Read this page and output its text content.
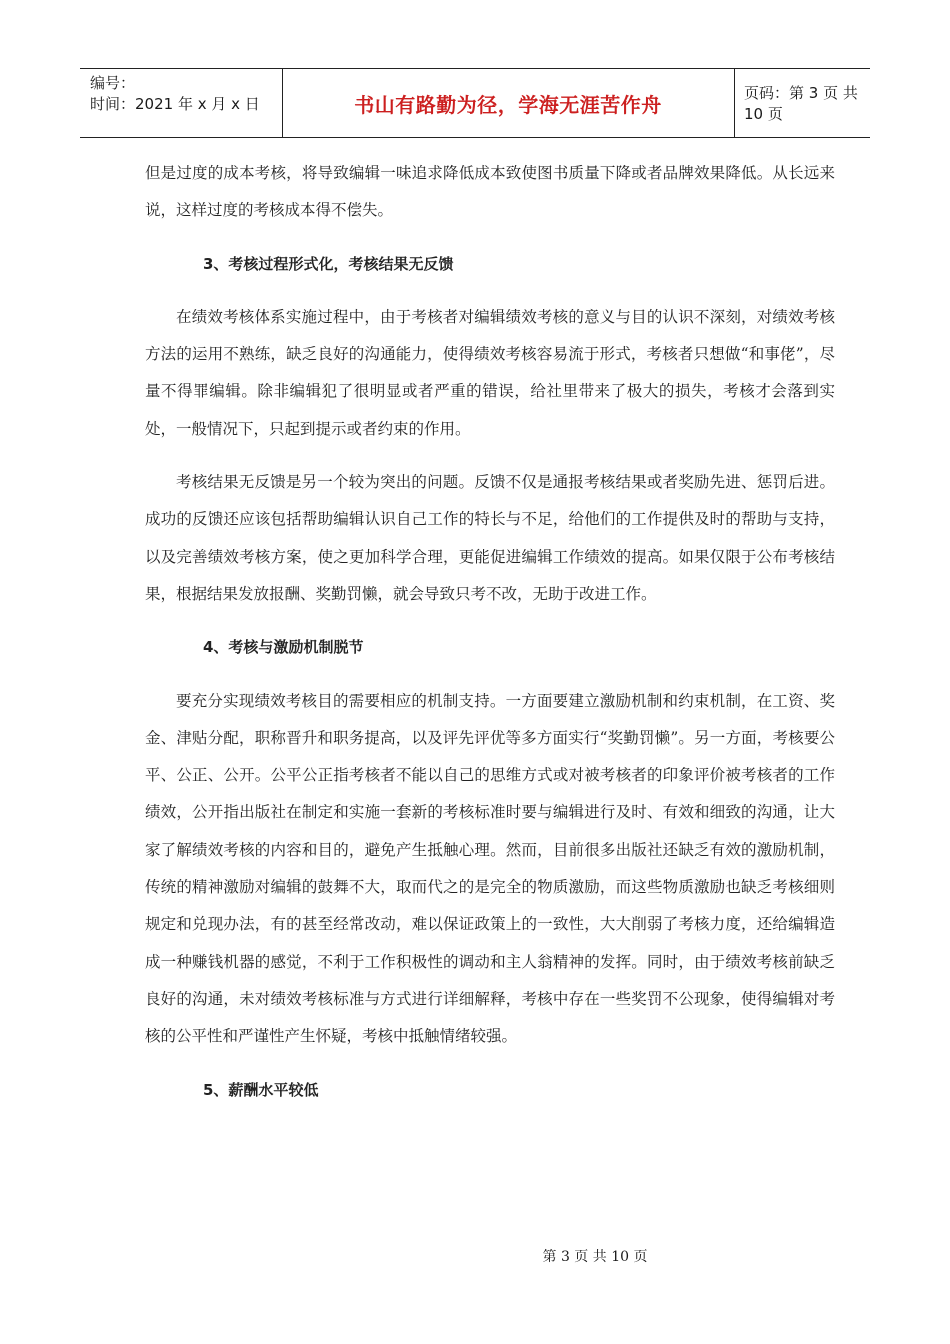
编号：
时间：2021 年 x 月 x 日	书山有路勤为径，学海无涯苦作舟	页码：第 3 页 共 10 页

但是过度的成本考核，将导致编辑一味追求降低成本致使图书质量下降或者品牌效果降低。从长远来说，这样过度的考核成本得不偿失。

3、考核过程形式化，考核结果无反馈

在绩效考核体系实施过程中，由于考核者对编辑绩效考核的意义与目的认识不深刻，对绩效考核方法的运用不熟练，缺乏良好的沟通能力，使得绩效考核容易流于形式，考核者只想做“和事佬”，尽量不得罪编辑。除非编辑犯了很明显或者严重的错误，给社里带来了极大的损失，考核才会落到实处，一般情况下，只起到提示或者约束的作用。

考核结果无反馈是另一个较为突出的问题。反馈不仅是通报考核结果或者奖励先进、惩罚后进。成功的反馈还应该包括帮助编辑认识自己工作的特长与不足，给他们的工作提供及时的帮助与支持，以及完善绩效考核方案，使之更加科学合理，更能促进编辑工作绩效的提高。如果仅限于公布考核结果，根据结果发放报酬、奖勤罚懒，就会导致只考不改，无助于改进工作。

4、考核与激励机制脱节

要充分实现绩效考核目的需要相应的机制支持。一方面要建立激励机制和约束机制，在工资、奖金、津贴分配，职称晋升和职务提高，以及评先评优等多方面实行“奖勤罚懒”。另一方面，考核要公平、公正、公开。公平公正指考核者不能以自己的思维方式或对被考核者的印象评价被考核者的工作绩效，公开指出版社在制定和实施一套新的考核标准时要与编辑进行及时、有效和细致的沟通，让大家了解绩效考核的内容和目的，避免产生抵触心理。然而，目前很多出版社还缺乏有效的激励机制，传统的精神激励对编辑的鼓舞不大，取而代之的是完全的物质激励，而这些物质激励也缺乏考核细则规定和兑现办法，有的甚至经常改动，难以保证政策上的一致性，大大削弱了考核力度，还给编辑造成一种赚钱机器的感觉，不利于工作积极性的调动和主人翁精神的发挥。同时，由于绩效考核前缺乏良好的沟通，未对绩效考核标准与方式进行详细解释，考核中存在一些奖罚不公现象，使得编辑对考核的公平性和严谨性产生怀疑，考核中抵触情绪较强。

5、薪酬水平较低

第 3 页 共 10 页
